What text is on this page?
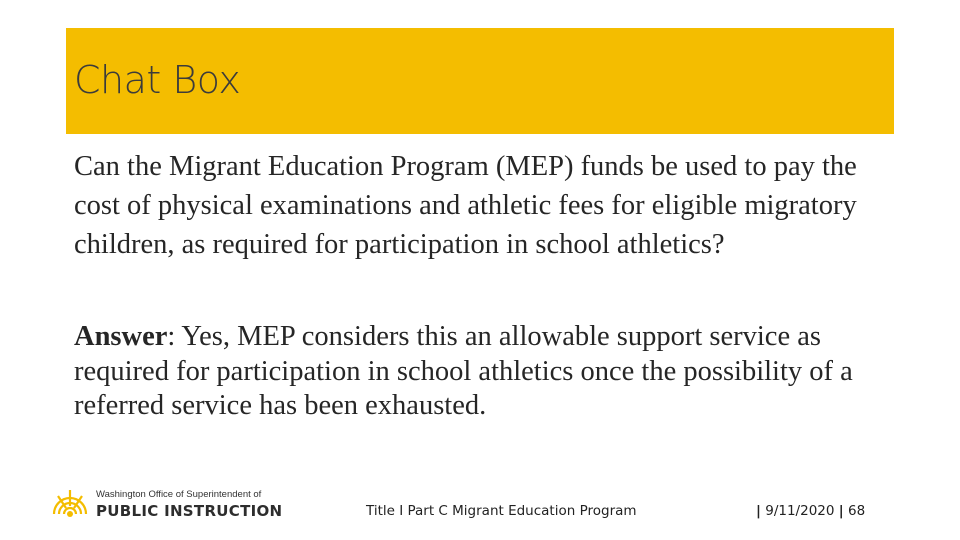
Chat Box
Can the Migrant Education Program (MEP) funds be used to pay the cost of physical examinations and athletic fees for eligible migratory children, as required for participation in school athletics?
Answer: Yes, MEP considers this an allowable support service as required for participation in school athletics once the possibility of a referred service has been exhausted.
Washington Office of Superintendent of
PUBLIC INSTRUCTION	Title I Part C Migrant Education Program	| 9/11/2020 | 68
